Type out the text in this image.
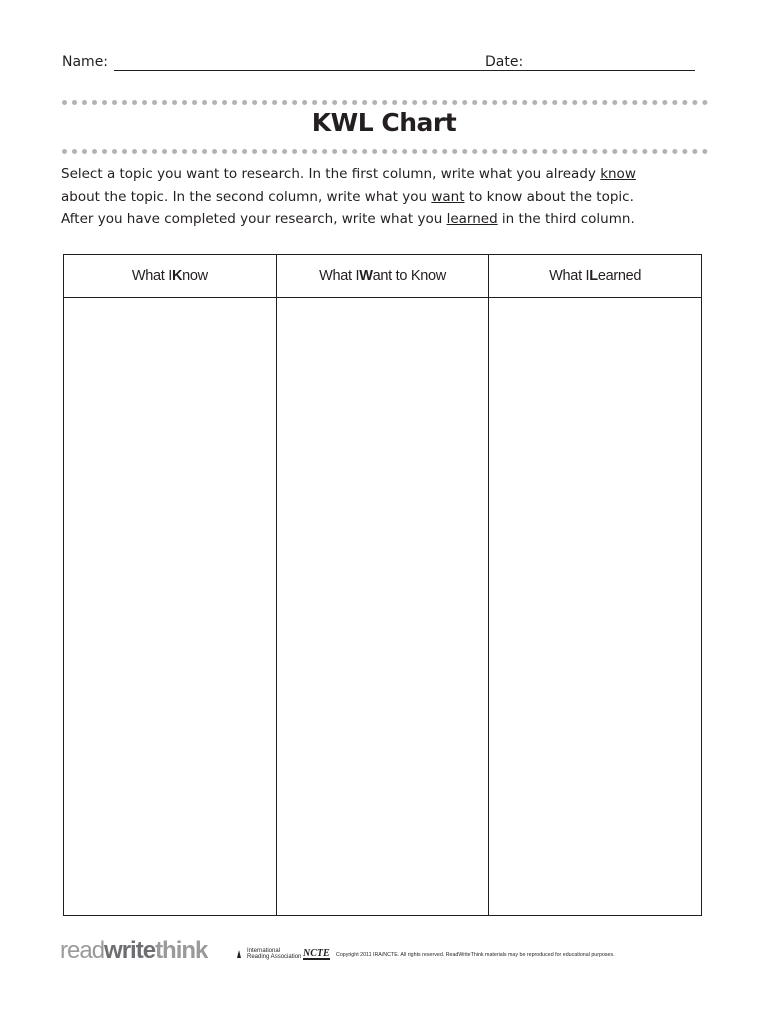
Name:	Date:
KWL Chart

Select a topic you want to research. In the first column, write what you already know

about the topic. In the second column, write what you want to know about the topic.

After you have completed your research, write what you learned in the third column.

What I K now	What I W ant to Know	What I L earned
readwritethink	International
Reading Association NCTE Copyright 2011 IRA/NCTE. All rights reserved. ReadWriteThink materials may be reproduced for educational purposes.
